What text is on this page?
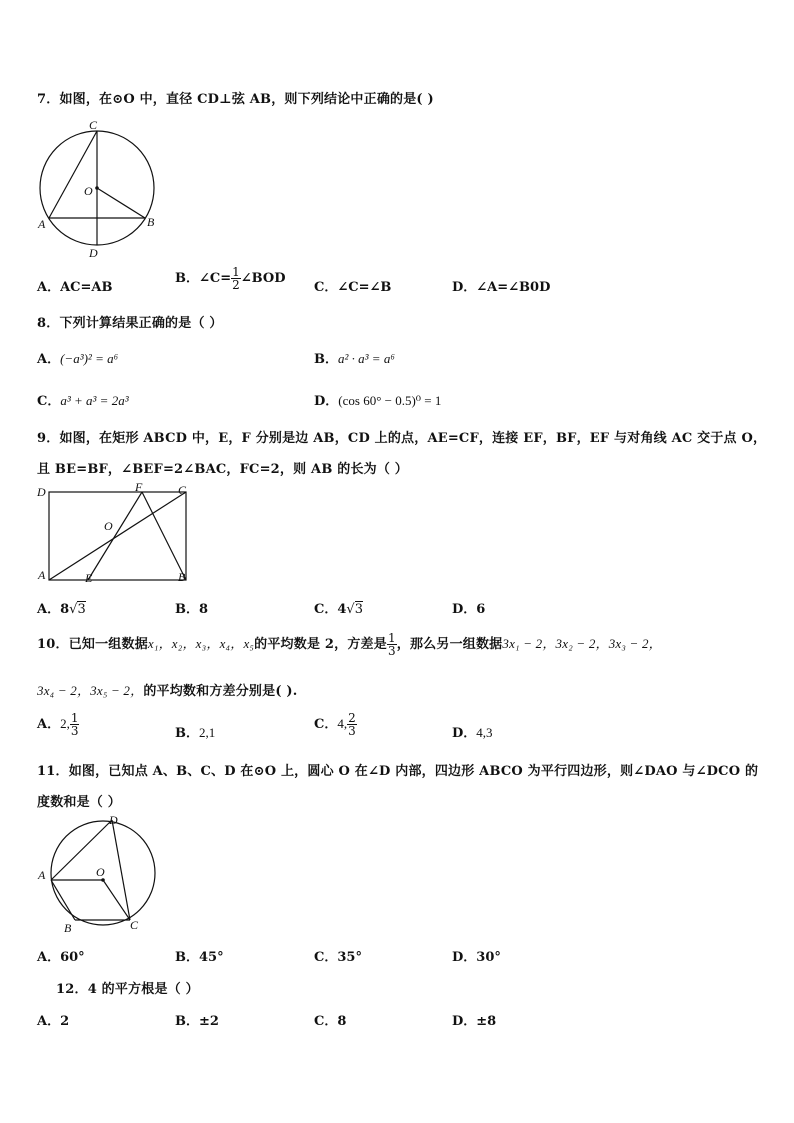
7．如图，在⊙O 中，直径 CD⊥弦 AB，则下列结论中正确的是( )
C
O
A	B
D
A．AC=AB
B．∠C= $\frac{1}{2}$ ∠BOD
C．∠C=∠B	D．∠A=∠B0D
8．下列计算结果正确的是（ ）
A．(−a³)² = a⁶	B．a² · a³ = a⁶
C．a³ + a³ = 2a³	D．(cos 60° − 0.5)⁰ = 1
9．如图，在矩形 ABCD 中，E，F 分别是边 AB，CD 上的点，AE=CF，连接 EF，BF，EF 与对角线 AC 交于点 O，
且 BE=BF，∠BEF=2∠BAC，FC=2，则 AB 的长为（ ）
D	F	C
O
A	E	B
A．8√3	B．8	C．4√3	D．6
10．已知一组数据x₁，x₂，x₃，x₄，x₅的平均数是 2，方差是 $\frac{1}{3}$ ，那么另一组数据3x₁ − 2，3x₂ − 2，3x₃ − 2，
3x₄ − 2，3x₅ − 2，的平均数和方差分别是( ).
A．2, $\frac{1}{3}$	B．2,1
C．4, $\frac{2}{3}$	D．4,3
11．如图，已知点 A、B、C、D 在⊙O 上，圆心 O 在∠D 内部，四边形 ABCO 为平行四边形，则∠DAO 与∠DCO 的
度数和是（ ）
D
A	O
B	C
A．60°	B．45°	C．35°	D．30°
12．4 的平方根是（ ）
A．2	B．±2	C．8	D．±8
